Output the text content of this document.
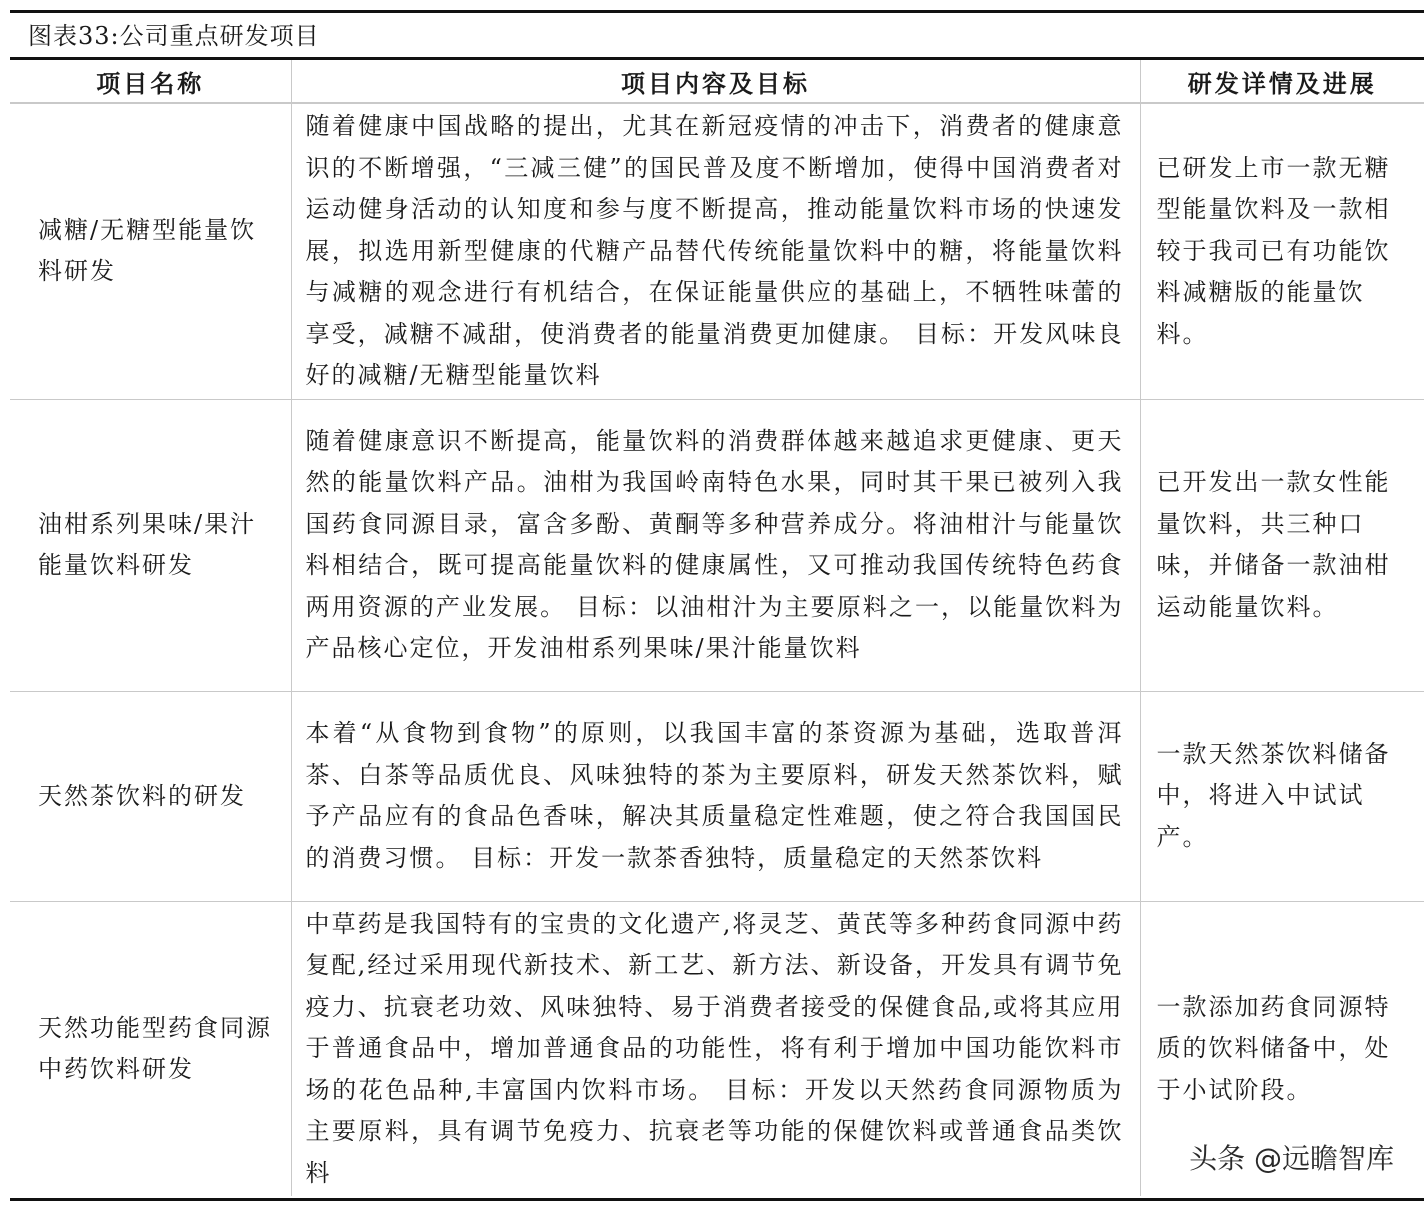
图表33:公司重点研发项目
项目名称	项目内容及目标	研发详情及进展
减糖/无糖型能量饮料研发	随着健康中国战略的提出，尤其在新冠疫情的冲击下，消费者的健康意识的不断增强，“三减三健”的国民普及度不断增加，使得中国消费者对运动健身活动的认知度和参与度不断提高，推动能量饮料市场的快速发展，拟选用新型健康的代糖产品替代传统能量饮料中的糖，将能量饮料与减糖的观念进行有机结合，在保证能量供应的基础上，不牺牲味蕾的享受，减糖不减甜，使消费者的能量消费更加健康。 目标：开发风味良好的减糖/无糖型能量饮料	已研发上市一款无糖型能量饮料及一款相较于我司已有功能饮料减糖版的能量饮料。
油柑系列果味/果汁能量饮料研发	随着健康意识不断提高，能量饮料的消费群体越来越追求更健康、更天然的能量饮料产品。油柑为我国岭南特色水果，同时其干果已被列入我国药食同源目录，富含多酚、黄酮等多种营养成分。将油柑汁与能量饮料相结合，既可提高能量饮料的健康属性，又可推动我国传统特色药食两用资源的产业发展。 目标：以油柑汁为主要原料之一，以能量饮料为产品核心定位，开发油柑系列果味/果汁能量饮料	已开发出一款女性能量饮料，共三种口味，并储备一款油柑运动能量饮料。
天然茶饮料的研发	本着“从食物到食物”的原则，以我国丰富的茶资源为基础，选取普洱茶、白茶等品质优良、风味独特的茶为主要原料，研发天然茶饮料，赋予产品应有的食品色香味，解决其质量稳定性难题，使之符合我国国民的消费习惯。 目标：开发一款茶香独特，质量稳定的天然茶饮料	一款天然茶饮料储备中，将进入中试试产。
天然功能型药食同源中药饮料研发	中草药是我国特有的宝贵的文化遗产,将灵芝、黄芪等多种药食同源中药复配,经过采用现代新技术、新工艺、新方法、新设备，开发具有调节免疫力、抗衰老功效、风味独特、易于消费者接受的保健食品,或将其应用于普通食品中，增加普通食品的功能性，将有利于增加中国功能饮料市场的花色品种,丰富国内饮料市场。 目标：开发以天然药食同源物质为主要原料，具有调节免疫力、抗衰老等功能的保健饮料或普通食品类饮料	一款添加药食同源特质的饮料储备中，处于小试阶段。
头条 @远瞻智库
